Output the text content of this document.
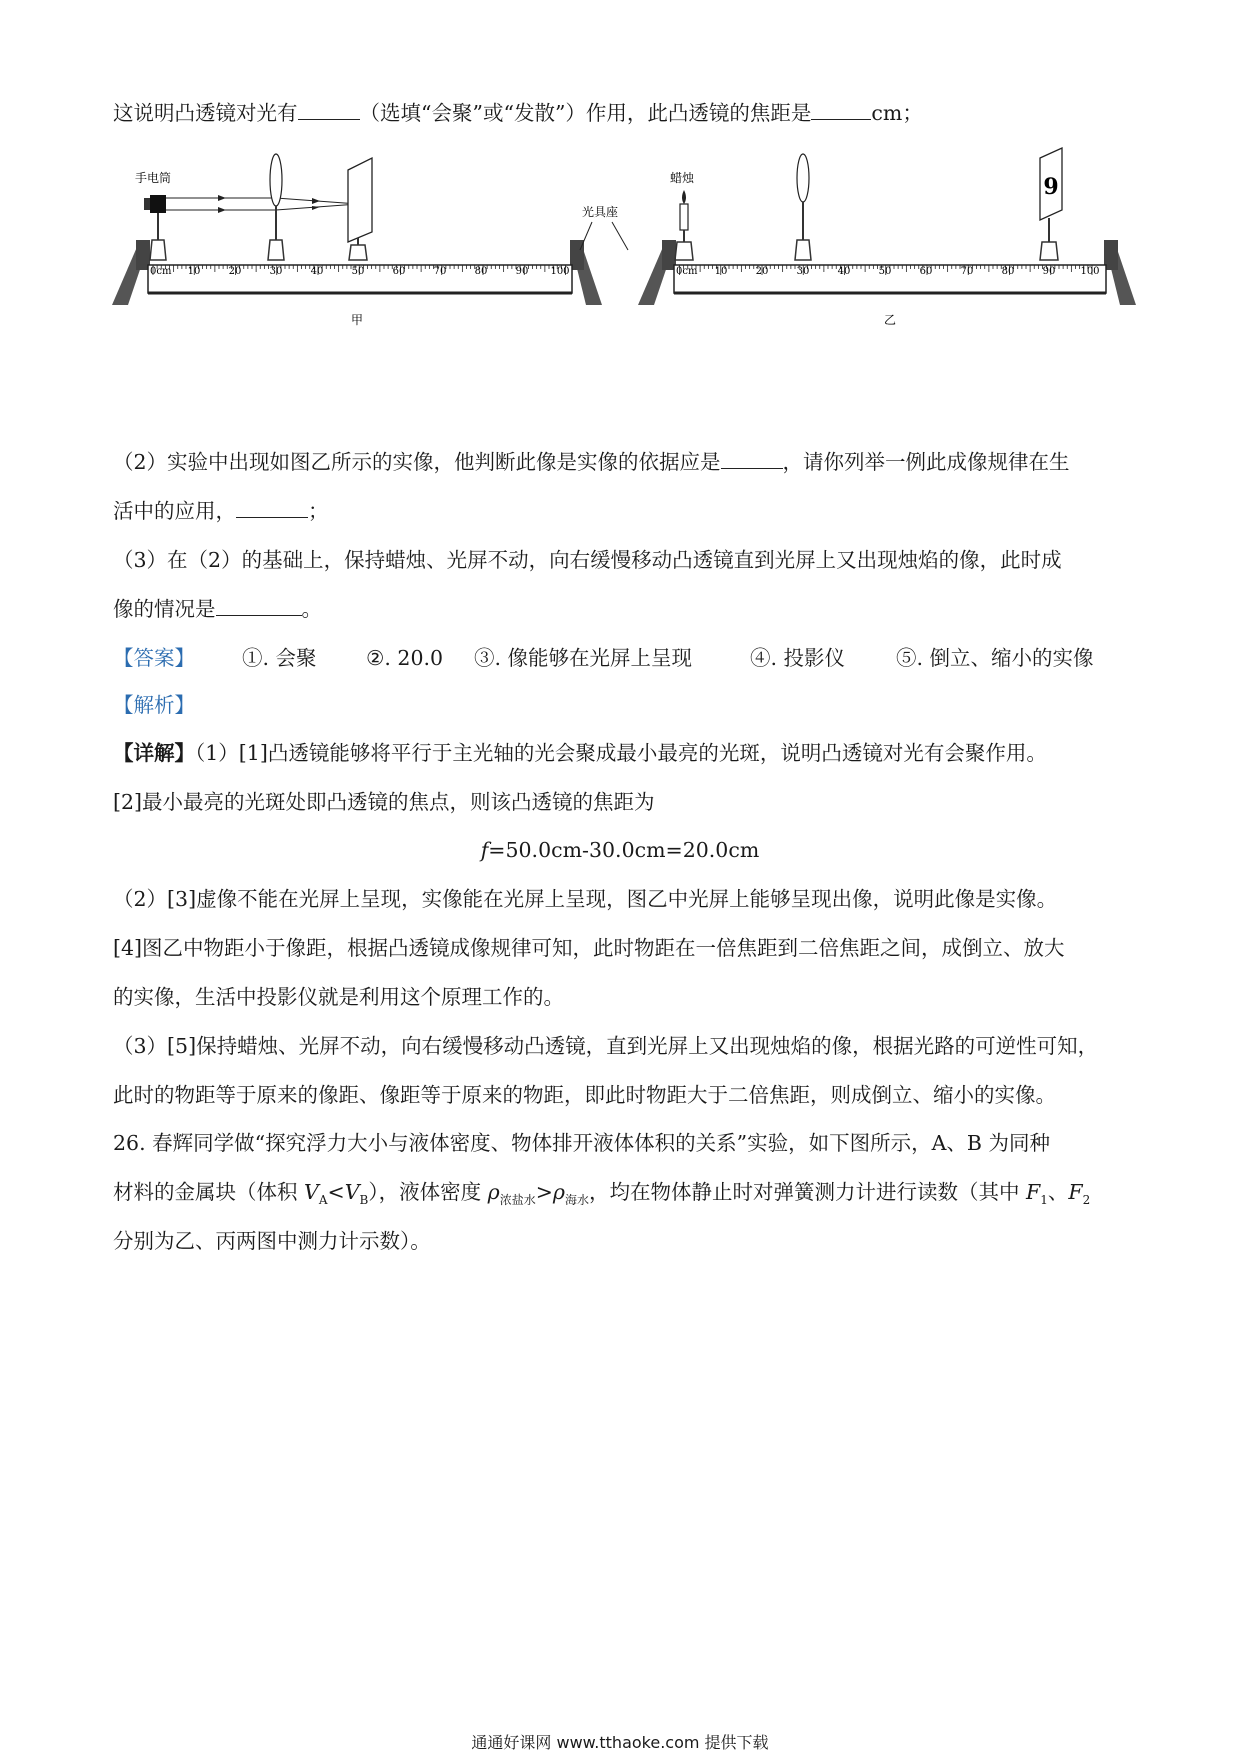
这说明凸透镜对光有	（选填“会聚”或“发散”）作用，此凸透镜的焦距是	cm；
0cm 10	20	30	40	50	60	70	80	90 100
手电筒
甲
光具座
0cm 10	20	30	40	50	60	70	80	90	100
蜡烛	9
乙
（2）实验中出现如图乙所示的实像，他判断此像是实像的依据应是	，请你列举一例此成像规律在生
活中的应用，	；
（3）在（2）的基础上，保持蜡烛、光屏不动，向右缓慢移动凸透镜直到光屏上又出现烛焰的像，此时成
像的情况是	。
【答案】 ①. 会聚 ②. 20.0 ③. 像能够在光屏上呈现	④. 投影仪 ⑤. 倒立、缩小的实像
【解析】
【详解】（1）[1]凸透镜能够将平行于主光轴的光会聚成最小最亮的光斑，说明凸透镜对光有会聚作用。
[2]最小最亮的光斑处即凸透镜的焦点，则该凸透镜的焦距为
f=50.0cm-30.0cm=20.0cm
（2）[3]虚像不能在光屏上呈现，实像能在光屏上呈现，图乙中光屏上能够呈现出像，说明此像是实像。
[4]图乙中物距小于像距，根据凸透镜成像规律可知，此时物距在一倍焦距到二倍焦距之间，成倒立、放大
的实像，生活中投影仪就是利用这个原理工作的。
（3）[5]保持蜡烛、光屏不动，向右缓慢移动凸透镜，直到光屏上又出现烛焰的像，根据光路的可逆性可知，
此时的物距等于原来的像距、像距等于原来的物距，即此时物距大于二倍焦距，则成倒立、缩小的实像。
26. 春辉同学做“探究浮力大小与液体密度、物体排开液体体积的关系”实验，如下图所示，A、B 为同种
材料的金属块（体积 $V_A<V_B$），液体密度 $\rho_{浓盐水}>\rho_{海水}$，均在物体静止时对弹簧测力计进行读数（其中 $F_1$、$F_2$
分别为乙、丙两图中测力计示数）。
通通好课网 www.tthaoke.com 提供下载
